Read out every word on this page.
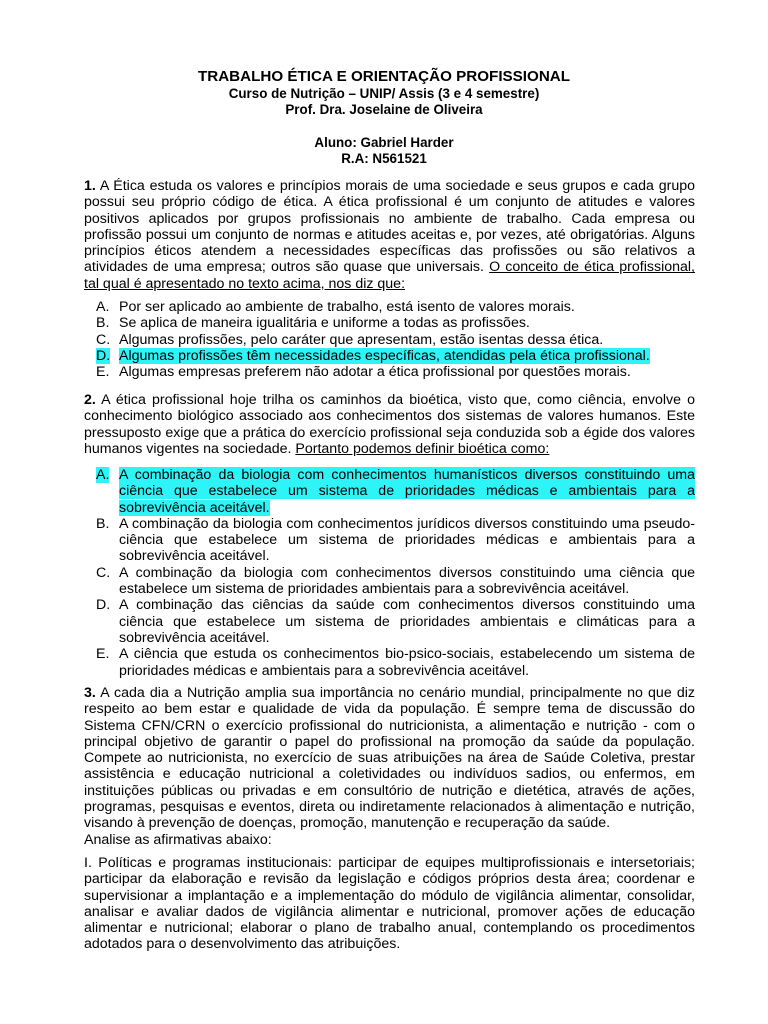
TRABALHO ÉTICA E ORIENTAÇÃO PROFISSIONAL
Curso de Nutrição – UNIP/ Assis (3 e 4 semestre)
Prof. Dra. Joselaine de Oliveira
Aluno: Gabriel Harder
R.A: N561521

1. A Ética estuda os valores e princípios morais de uma sociedade e seus grupos e cada grupo possui seu próprio código de ética. A ética profissional é um conjunto de atitudes e valores positivos aplicados por grupos profissionais no ambiente de trabalho. Cada empresa ou profissão possui um conjunto de normas e atitudes aceitas e, por vezes, até obrigatórias. Alguns princípios éticos atendem a necessidades específicas das profissões ou são relativos a atividades de uma empresa; outros são quase que universais. O conceito de ética profissional, tal qual é apresentado no texto acima, nos diz que:

A. Por ser aplicado ao ambiente de trabalho, está isento de valores morais.
B. Se aplica de maneira igualitária e uniforme a todas as profissões.
C. Algumas profissões, pelo caráter que apresentam, estão isentas dessa ética.
D. Algumas profissões têm necessidades específicas, atendidas pela ética profissional.
E. Algumas empresas preferem não adotar a ética profissional por questões morais.

2. A ética profissional hoje trilha os caminhos da bioética, visto que, como ciência, envolve o conhecimento biológico associado aos conhecimentos dos sistemas de valores humanos. Este pressuposto exige que a prática do exercício profissional seja conduzida sob a égide dos valores humanos vigentes na sociedade. Portanto podemos definir bioética como:

A. A combinação da biologia com conhecimentos humanísticos diversos constituindo uma ciência que estabelece um sistema de prioridades médicas e ambientais para a sobrevivência aceitável.
B. A combinação da biologia com conhecimentos jurídicos diversos constituindo uma pseudo-ciência que estabelece um sistema de prioridades médicas e ambientais para a sobrevivência aceitável.
C. A combinação da biologia com conhecimentos diversos constituindo uma ciência que estabelece um sistema de prioridades ambientais para a sobrevivência aceitável.
D. A combinação das ciências da saúde com conhecimentos diversos constituindo uma ciência que estabelece um sistema de prioridades ambientais e climáticas para a sobrevivência aceitável.
E. A ciência que estuda os conhecimentos bio-psico-sociais, estabelecendo um sistema de prioridades médicas e ambientais para a sobrevivência aceitável.

3. A cada dia a Nutrição amplia sua importância no cenário mundial, principalmente no que diz respeito ao bem estar e qualidade de vida da população. É sempre tema de discussão do Sistema CFN/CRN o exercício profissional do nutricionista, a alimentação e nutrição - com o principal objetivo de garantir o papel do profissional na promoção da saúde da população. Compete ao nutricionista, no exercício de suas atribuições na área de Saúde Coletiva, prestar assistência e educação nutricional a coletividades ou indivíduos sadios, ou enfermos, em instituições públicas ou privadas e em consultório de nutrição e dietética, através de ações, programas, pesquisas e eventos, direta ou indiretamente relacionados à alimentação e nutrição, visando à prevenção de doenças, promoção, manutenção e recuperação da saúde.

Analise as afirmativas abaixo:

I. Políticas e programas institucionais: participar de equipes multiprofissionais e intersetoriais; participar da elaboração e revisão da legislação e códigos próprios desta área; coordenar e supervisionar a implantação e a implementação do módulo de vigilância alimentar, consolidar, analisar e avaliar dados de vigilância alimentar e nutricional, promover ações de educação alimentar e nutricional; elaborar o plano de trabalho anual, contemplando os procedimentos adotados para o desenvolvimento das atribuições.
